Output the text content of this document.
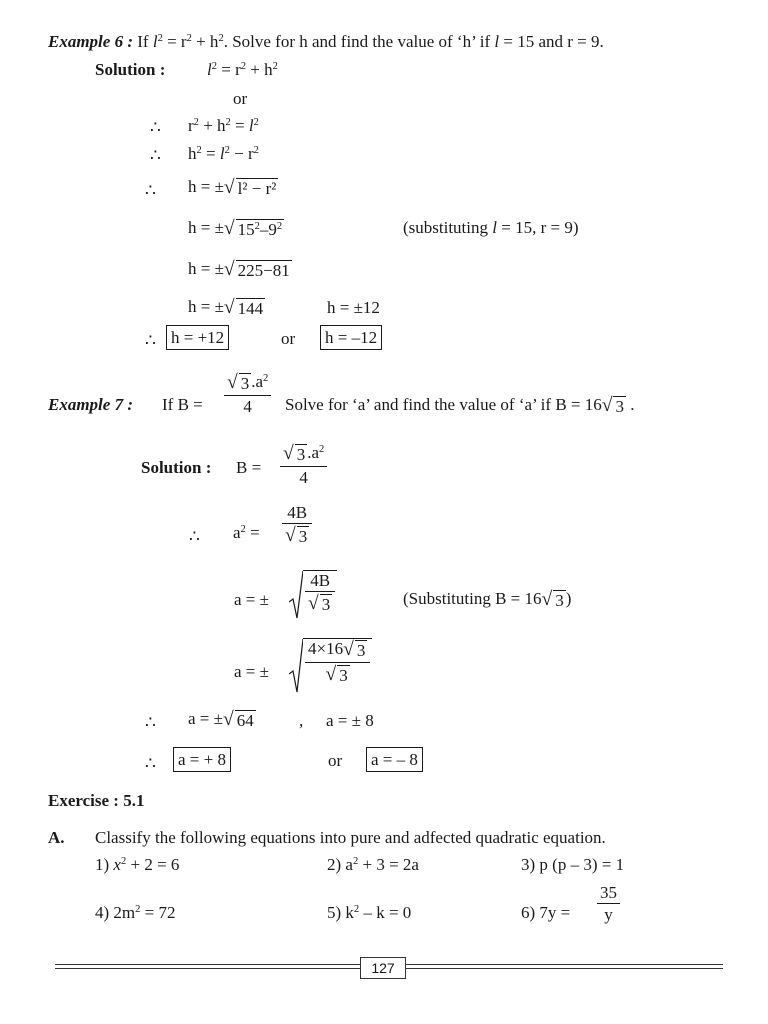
Example 6 : If $l^2 = r^2 + h^2$. Solve for h and find the value of ‘h’ if l = 15 and r = 9.
Solution : $l^2 = r^2 + h^2$
or
∴ $r^2 + h^2 = l^2$
∴ $h^2 = l^2 - r^2$
∴ h = ± √ l² − r²
h = ± √ $15^2-9^2$	(substituting l = 15, r = 9)
h = ± √ 225−81
h = ± √ 144	h = ±12
∴ h = +12	or h = –12
Example 7 : If $B = \frac{√ 3 .a^2}{4}$ Solve for ‘a’ and find the value of ‘a’ if B = 16 √ 3 .
Solution : $B = \frac{√ 3 .a^2}{4}$
∴ $a^2 = \frac{4B}{√ 3}$
a = ± $\frac{4B}{√ 3}$	(Substituting B = 16 √ 3 )
a = ± $\frac{4\times 16 √ 3}{√ 3}$
∴ a = ± √ 64	, a = ± 8
∴ a = + 8	or a = – 8
Exercise : 5.1
A. Classify the following equations into pure and adfected quadratic equation.
1) $x^2 + 2 = 6$	2) $a^2 + 3 = 2a$	3) p (p – 3) = 1
4) $2m^2 = 72$	5) $k^2 - k = 0$	6) $7y = \frac{35}{y}$
127
